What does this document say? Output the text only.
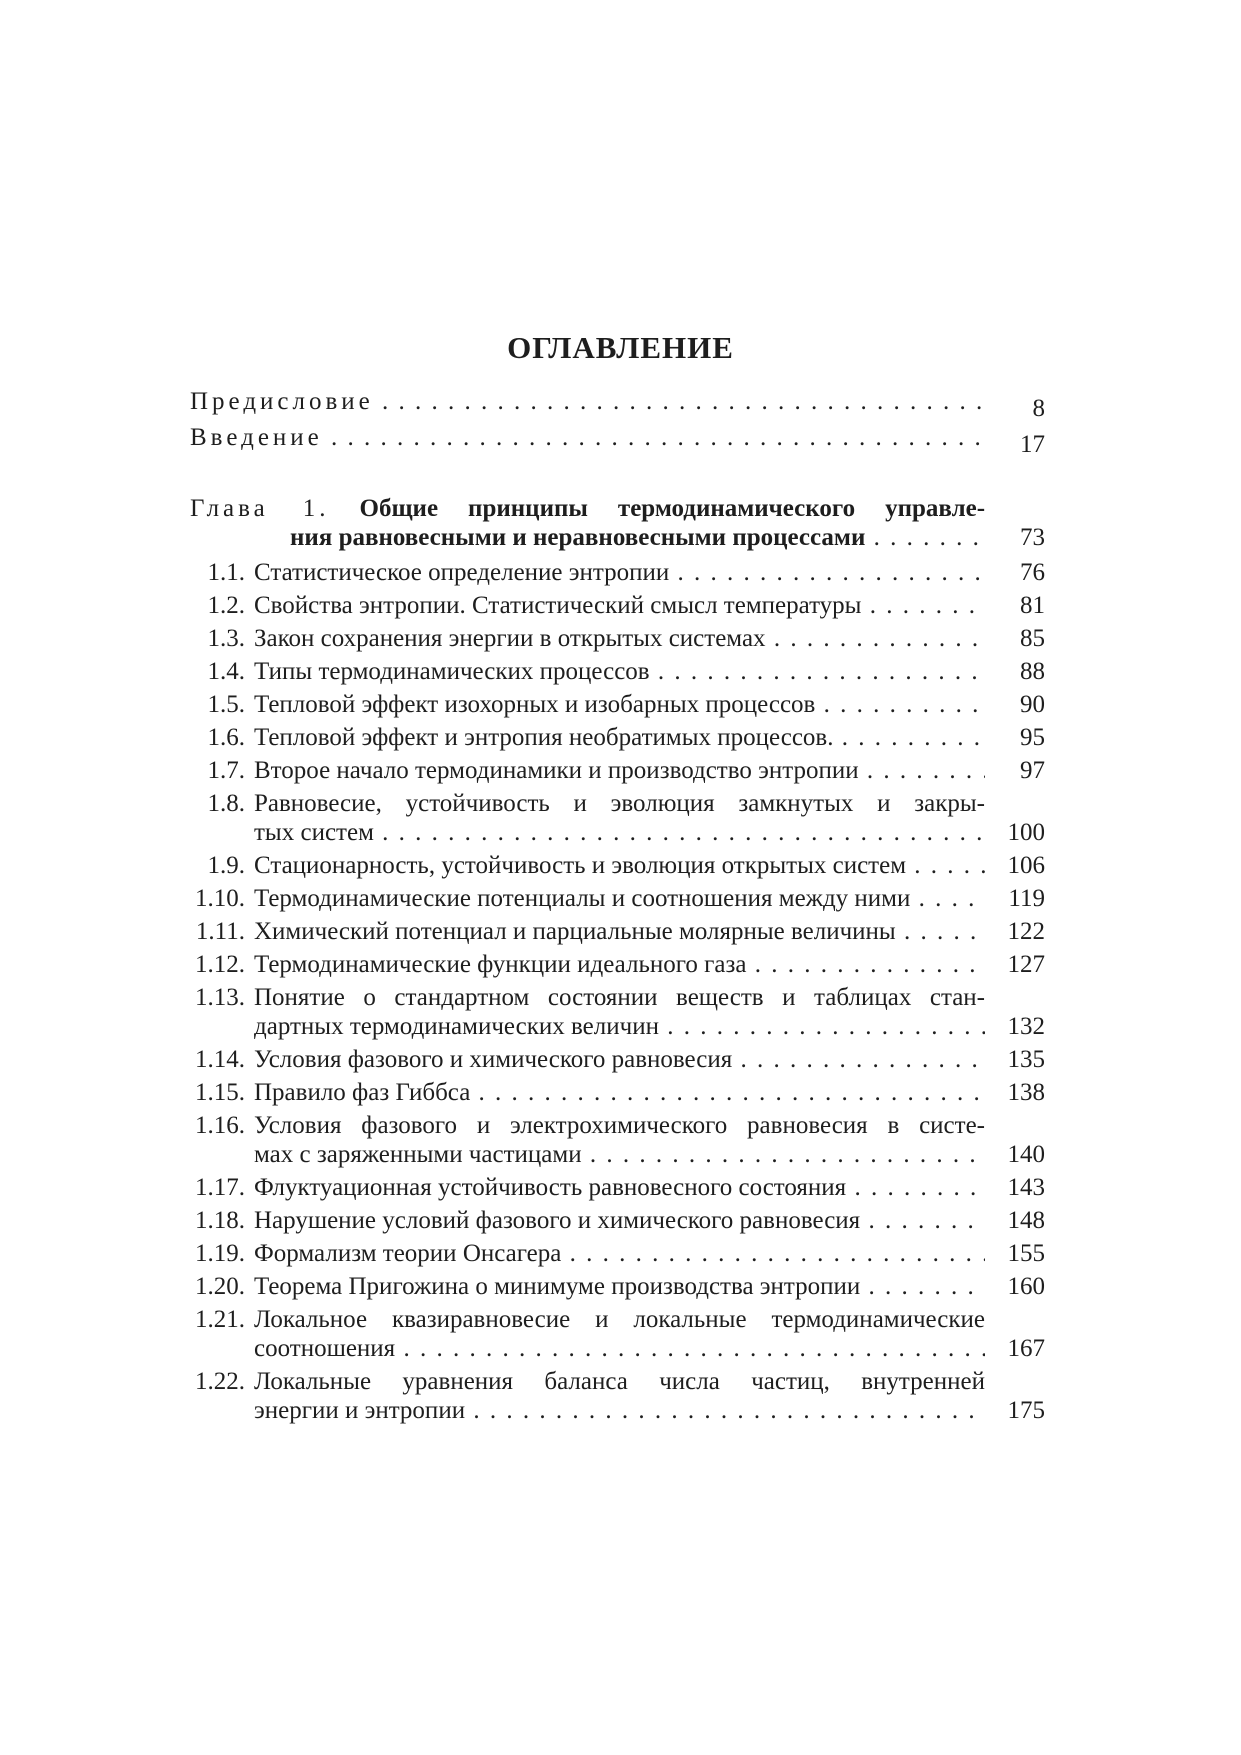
ОГЛАВЛЕНИЕ
Предисловие . . .	8
Введение . . .	17
Глава 1. Общие принципы термодинамического управле-
ния равновесными и неравновесными процессами . . .	73
1.1. Статистическое определение энтропии . . .	76
1.2. Свойства энтропии. Статистический смысл температуры . . .	81
1.3. Закон сохранения энергии в открытых системах . . .	85
1.4. Типы термодинамических процессов . . .	88
1.5. Тепловой эффект изохорных и изобарных процессов . . .	90
1.6. Тепловой эффект и энтропия необратимых процессов. . . .	95
1.7. Второе начало термодинамики и производство энтропии . . .	97
1.8. Равновесие, устойчивость и эволюция замкнутых и закры-
тых систем . . .	100
1.9. Стационарность, устойчивость и эволюция открытых систем . . .	106
1.10. Термодинамические потенциалы и соотношения между ними . . .	119
1.11. Химический потенциал и парциальные молярные величины . . .	122
1.12. Термодинамические функции идеального газа . . .	127
1.13. Понятие о стандартном состоянии веществ и таблицах стан-
дартных термодинамических величин . . .	132
1.14. Условия фазового и химического равновесия . . .	135
1.15. Правило фаз Гиббса . . .	138
1.16. Условия фазового и электрохимического равновесия в систе-
мах с заряженными частицами . . .	140
1.17. Флуктуационная устойчивость равновесного состояния . . .	143
1.18. Нарушение условий фазового и химического равновесия . . .	148
1.19. Формализм теории Онсагера . . .	155
1.20. Теорема Пригожина о минимуме производства энтропии . . .	160
1.21. Локальное квазиравновесие и локальные термодинамические
соотношения . . .	167
1.22. Локальные уравнения баланса числа частиц, внутренней
энергии и энтропии . . .	175
